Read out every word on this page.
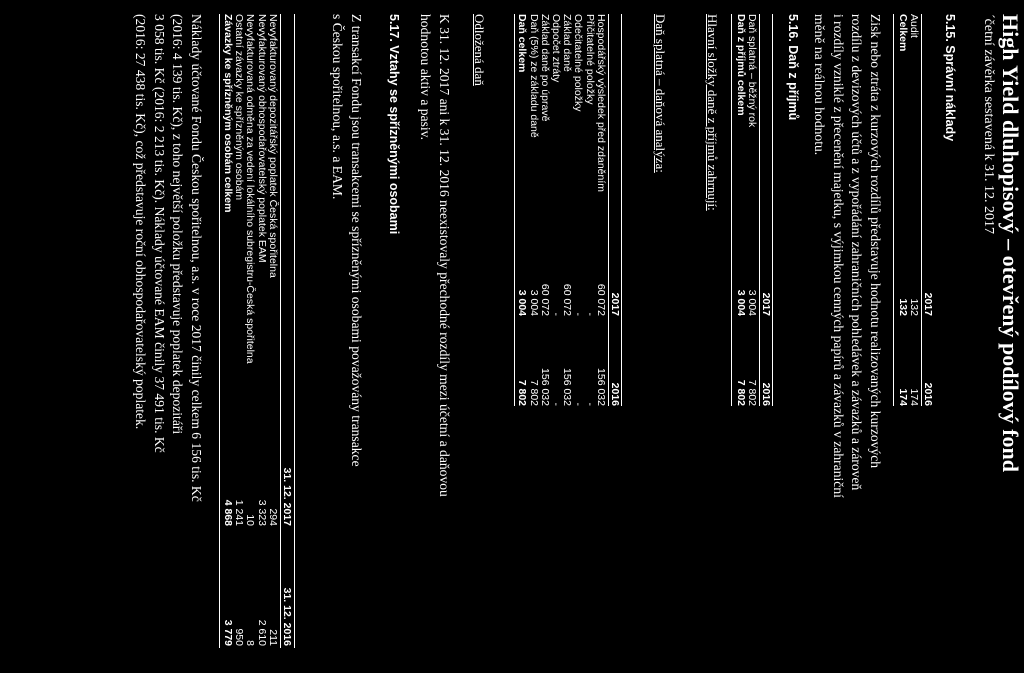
High Yield dluhopisový – otevřený podílový fond
´četní závěrka sestavená k 31. 12. 2017
5.15. Správní náklady
2017
2016
Audit
132
174
Celkem
132
174
Zisk nebo ztráta z kurzových rozdílů představuje hodnotu realizovaných kurzových
rozdílu z devizových účtů a z vypořádání zahraničních pohledávek a závazků a zároveň
i rozdíly vzniklé z přecenění majetku, s výjimkou cenných papírů a závazků v zahraniční
měně na reálnou hodnotu.
5.16. Daň z příjmů
2017
2016
Daň splatná – běžný rok
3 004
7 802
Daň z příjmů celkem
3 004
7 802
Hlavní složky daně z příjmů zahrnují:
Daň splatná – daňová analýza:
2017
2016
Hospodářský výsledek před zdaněním
60 072
156 032
Přičitatelné položky
-
-
Odečitatelné položky
-
-
Základ daně
60 072
156 032
Odpočet ztráty
-
-
Základ daně po úpravě
60 072
156 032
Daň (5%) ze základu daně
3 004
7 802
Daň celkem
3 004
7 802
Odložená daň
K 31. 12. 2017 ani k 31. 12. 2016 neexistovaly přechodné rozdíly mezi účetní a daňovou
hodnotou aktiv a pasiv.
5.17. Vztahy se spřízněnými osobami
Z transakcí Fondu jsou transakcemi se spřízněnými osobami považovány transakce
s Českou spořitelnou, a.s. a EAM.
31. 12. 2017
31. 12. 2016
Nevyfakturovaný depozitářský poplatek Česká spořitelna
294
211
Nevyfakturovaný obhospodařovatelský poplatek EAM
3 323
2 610
Nevyfakturovaná odměna za vedení lokálního subregistru-Česká spořitelna
10
8
Ostatní závazky ke spřízněným osobám
1 241
950
Závazky ke spřízněným osobám celkem
4 868
3 779
Náklady účtované Fondu Českou spořitelnou, a.s. v roce 2017 činily celkem 6 156 tis. Kč
(2016: 4 139 tis. Kč), z toho největší položku představuje poplatek depozitáři
3 058 tis. Kč (2016: 2 213 tis. Kč). Náklady účtované EAM činily 37 491 tis. Kč
(2016: 27 438 tis. Kč), což představuje roční obhospodařovatelský poplatek.
